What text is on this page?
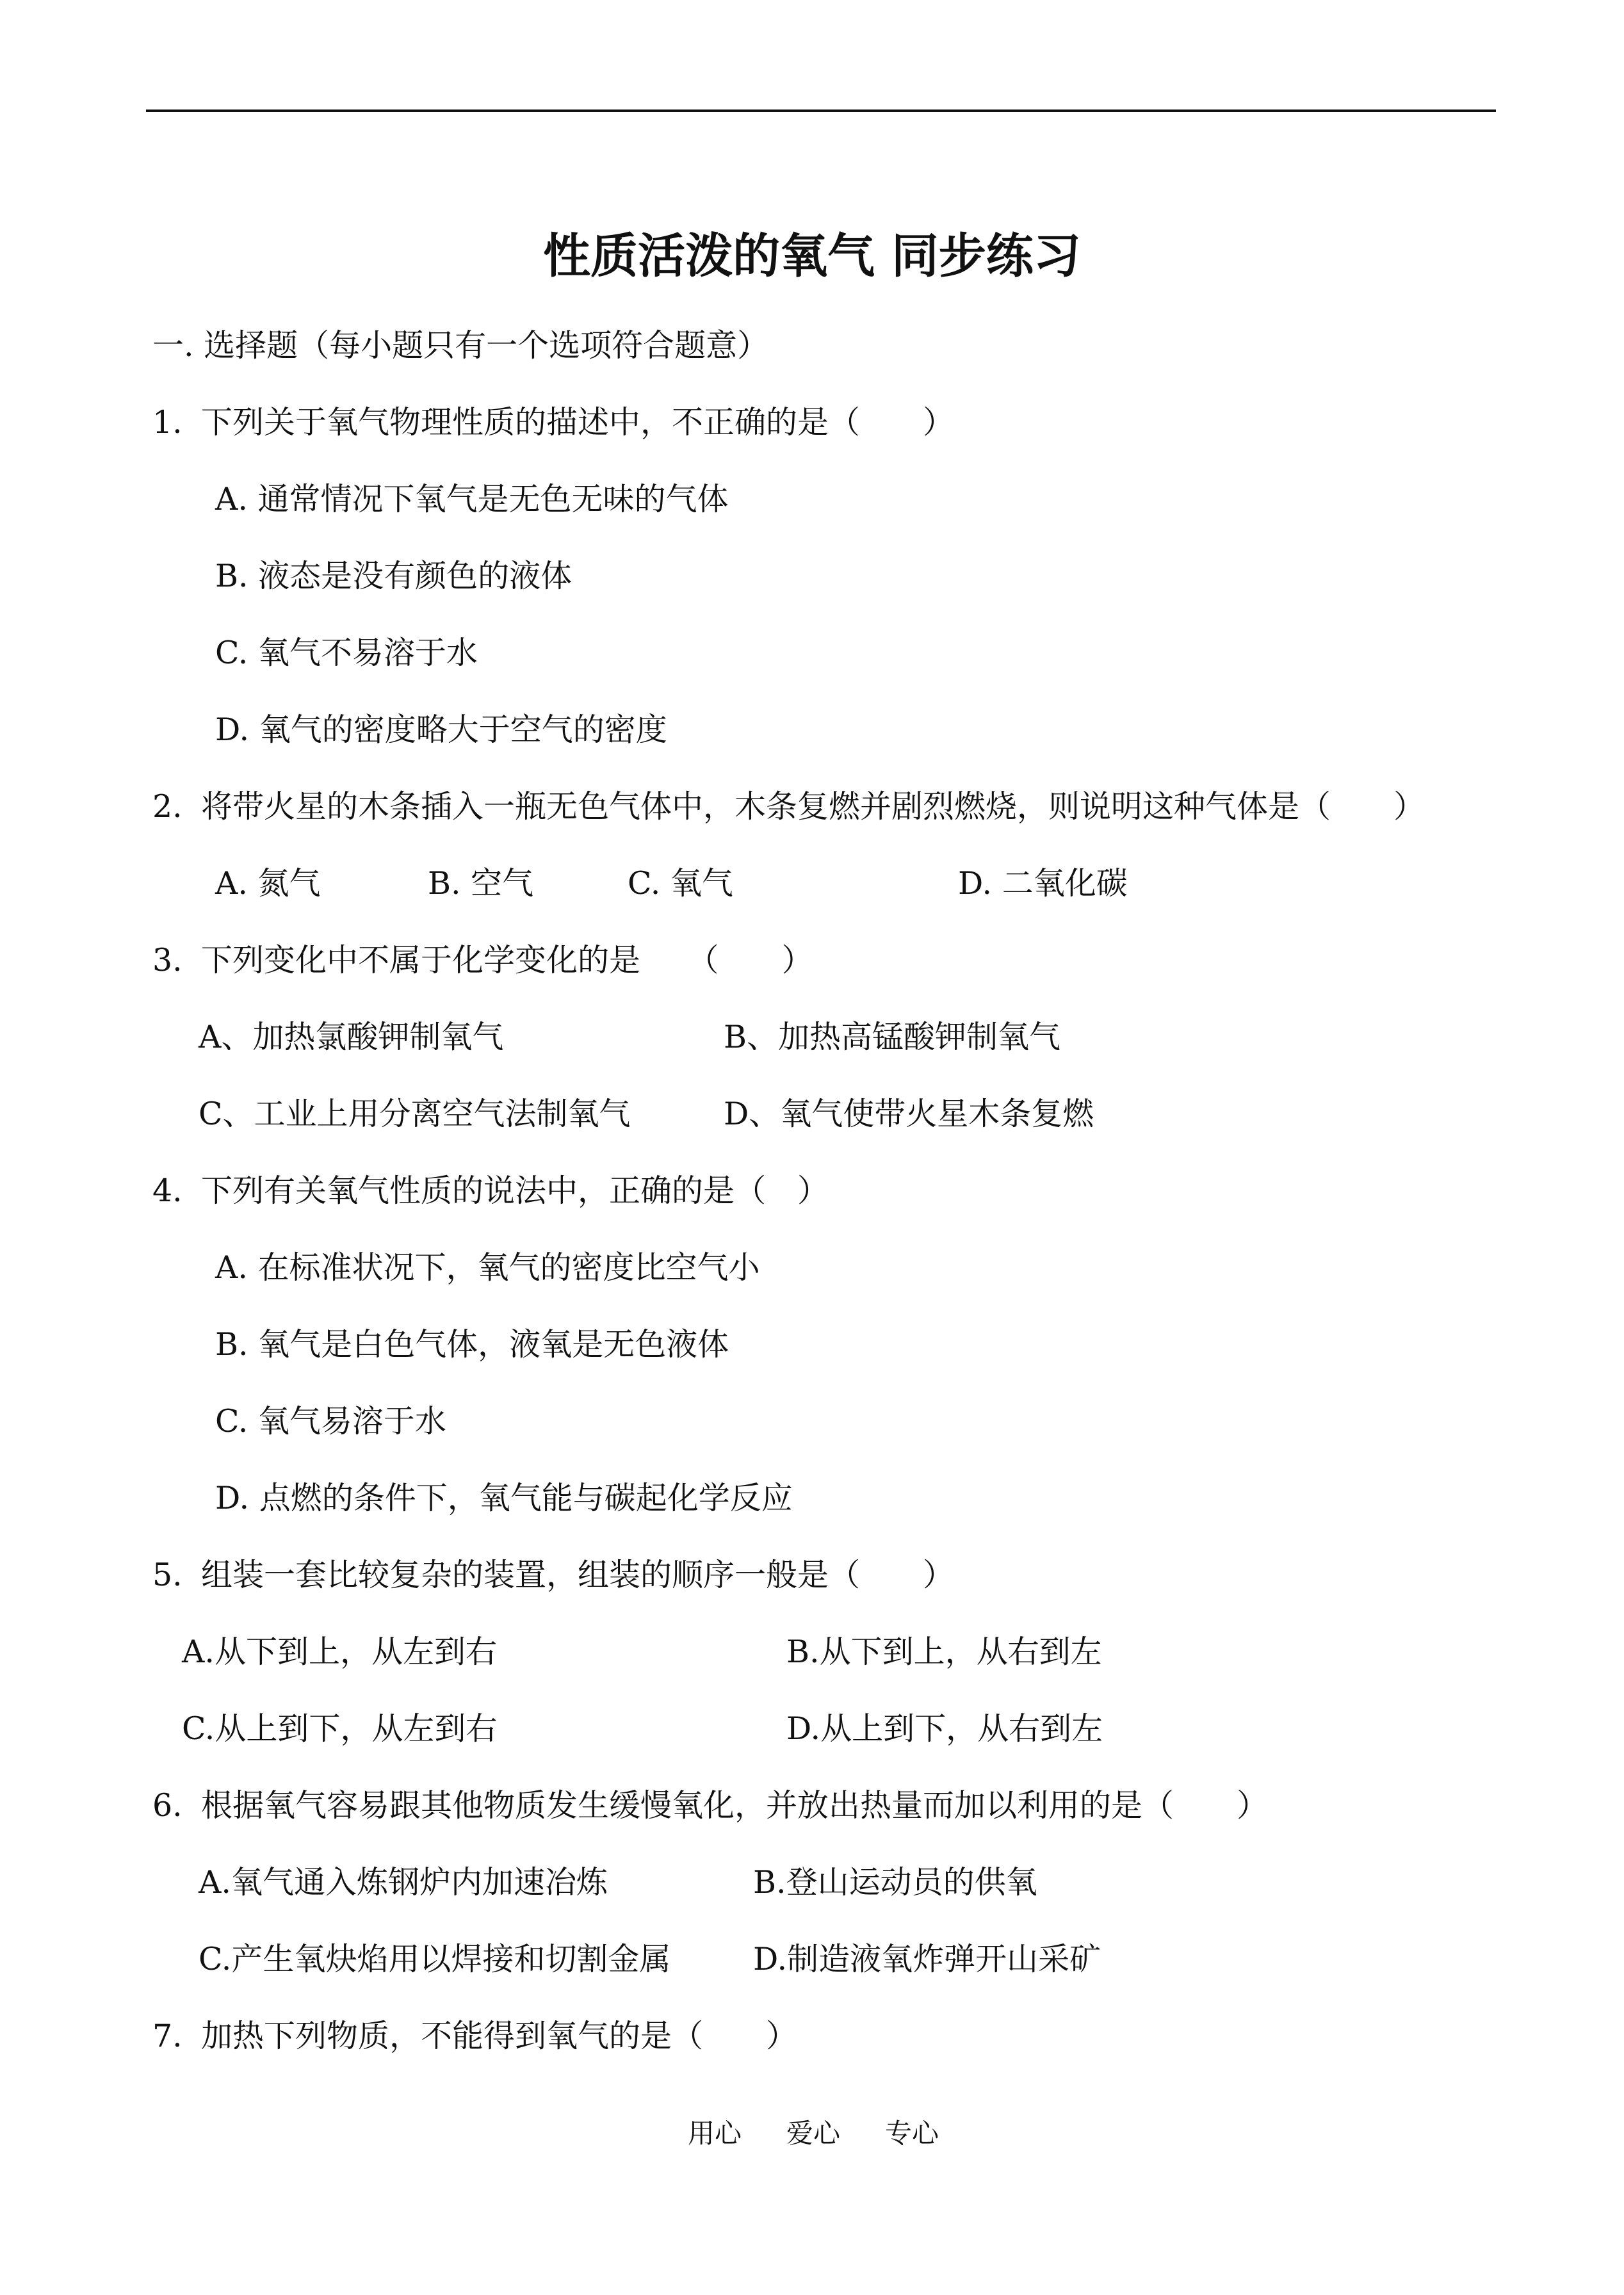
性质活泼的氧气 同步练习
一. 选择题（每小题只有一个选项符合题意）
1. 下列关于氧气物理性质的描述中，不正确的是（　　）
A. 通常情况下氧气是无色无味的气体
B. 液态是没有颜色的液体
C. 氧气不易溶于水
D. 氧气的密度略大于空气的密度
2. 将带火星的木条插入一瓶无色气体中，木条复燃并剧烈燃烧，则说明这种气体是（　　）
A. 氮气	B. 空气	C. 氧气	D. 二氧化碳
3. 下列变化中不属于化学变化的是　　（　　）
A、加热氯酸钾制氧气	B、加热高锰酸钾制氧气
C、工业上用分离空气法制氧气	D、氧气使带火星木条复燃
4. 下列有关氧气性质的说法中，正确的是（　）
A. 在标准状况下，氧气的密度比空气小
B. 氧气是白色气体，液氧是无色液体
C. 氧气易溶于水
D. 点燃的条件下，氧气能与碳起化学反应
5. 组装一套比较复杂的装置，组装的顺序一般是（　　）
A.从下到上，从左到右	B.从下到上，从右到左
C.从上到下，从左到右	D.从上到下，从右到左
6. 根据氧气容易跟其他物质发生缓慢氧化，并放出热量而加以利用的是（　　）
A.氧气通入炼钢炉内加速冶炼	B.登山运动员的供氧
C.产生氧炔焰用以焊接和切割金属	D.制造液氧炸弹开山采矿
7. 加热下列物质，不能得到氧气的是（　　）
用心 爱心 专心
